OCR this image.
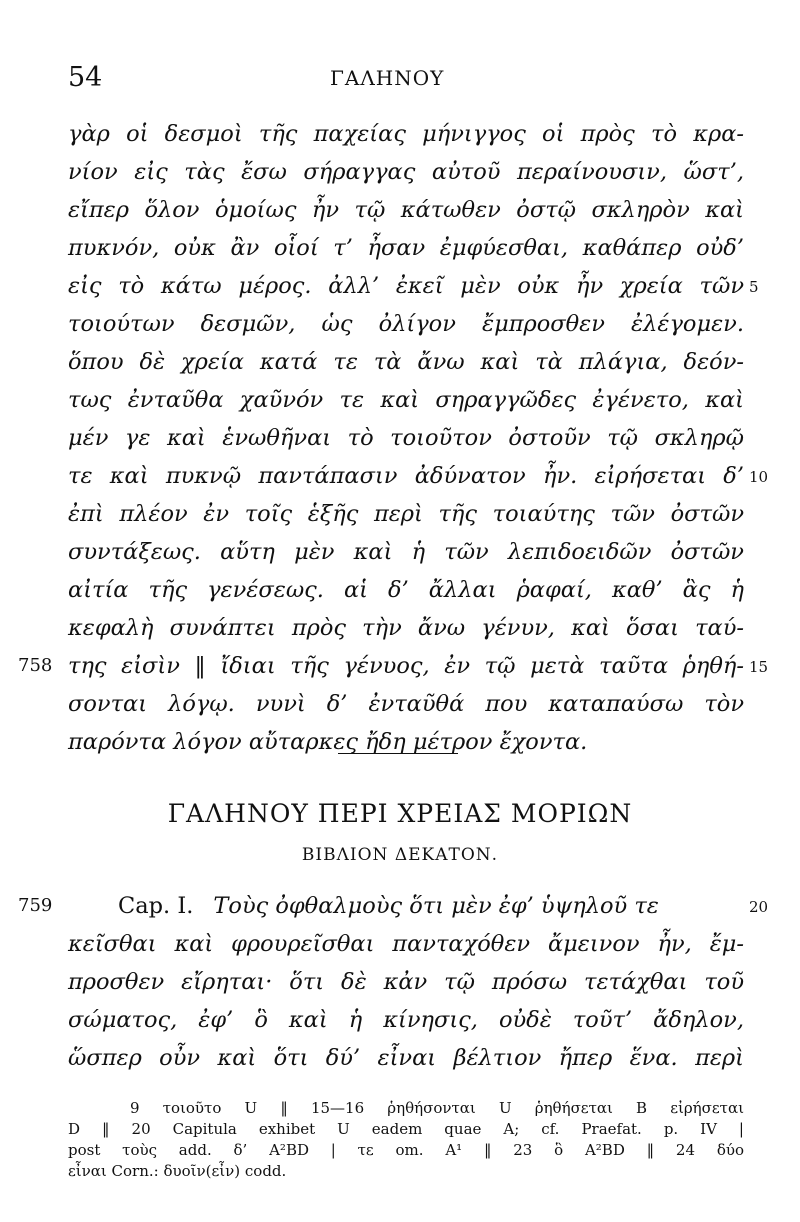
54	ΓΑΛΗΝΟΥ
γὰρ οἱ δεσμοὶ τῆς παχείας μήνιγγος οἱ πρὸς τὸ κρα-
νίον εἰς τὰς ἔσω σήραγγας αὐτοῦ περαίνουσιν, ὥστ’,
εἴπερ ὅλον ὁμοίως ἦν τῷ κάτωθεν ὀστῷ σκληρὸν καὶ
πυκνόν, οὐκ ἂν οἷοί τ’ ἦσαν ἐμφύεσθαι, καθάπερ οὐδ’
εἰς τὸ κάτω μέρος. ἀλλ’ ἐκεῖ μὲν οὐκ ἦν χρεία τῶν
τοιούτων δεσμῶν, ὡς ὀλίγον ἔμπροσθεν ἐλέγομεν.
ὅπου δὲ χρεία κατά τε τὰ ἄνω καὶ τὰ πλάγια, δεόν-
τως ἐνταῦθα χαῦνόν τε καὶ σηραγγῶδες ἐγένετο, καὶ
μέν γε καὶ ἑνωθῆναι τὸ τοιοῦτον ὀστοῦν τῷ σκληρῷ
τε καὶ πυκνῷ παντάπασιν ἀδύνατον ἦν. εἰρήσεται δ’
ἐπὶ πλέον ἐν τοῖς ἑξῆς περὶ τῆς τοιαύτης τῶν ὀστῶν
συντάξεως. αὕτη μὲν καὶ ἡ τῶν λεπιδοειδῶν ὀστῶν
αἰτία τῆς γενέσεως. αἱ δ’ ἄλλαι ῥαφαί, καθ’ ἃς ἡ
κεφαλὴ συνάπτει πρὸς τὴν ἄνω γένυν, καὶ ὅσαι ταύ-
της εἰσὶν ‖ ἴδιαι τῆς γένυος, ἐν τῷ μετὰ ταῦτα ῥηθή-
σονται λόγῳ. νυνὶ δ’ ἐνταῦθά που καταπαύσω τὸν
παρόντα λόγον αὔταρκες ἤδη μέτρον ἔχοντα.
5
10
15
20
758
759
ΓΑΛΗΝΟΥ ΠΕΡΙ ΧΡΕΙΑΣ ΜΟΡΙΩΝ
ΒΙΒΛΙΟΝ ΔΕΚΑΤΟΝ.
Cap. I. Τοὺς ὀφθαλμοὺς ὅτι μὲν ἐφ’ ὑψηλοῦ τε
κεῖσθαι καὶ φρουρεῖσθαι πανταχόθεν ἄμεινον ἦν, ἔμ-
προσθεν εἴρηται· ὅτι δὲ κἀν τῷ πρόσω τετάχθαι τοῦ
σώματος, ἐφ’ ὃ καὶ ἡ κίνησις, οὐδὲ τοῦτ’ ἄδηλον,
ὥσπερ οὖν καὶ ὅτι δύ’ εἶναι βέλτιον ἤπερ ἕνα. περὶ
9 τοιοῦτο U ‖ 15—16 ῥηθήσονται U ῥηθήσεται B εἰρήσεται
D ‖ 20 Capitula exhibet U eadem quae A; cf. Praefat. p. IV |
post τοὺς add. δ’ A²BD | τε om. A¹ ‖ 23 ὃ A²BD ‖ 24 δύο
εἶναι Corn.: δυοῖν(εἶν) codd.
